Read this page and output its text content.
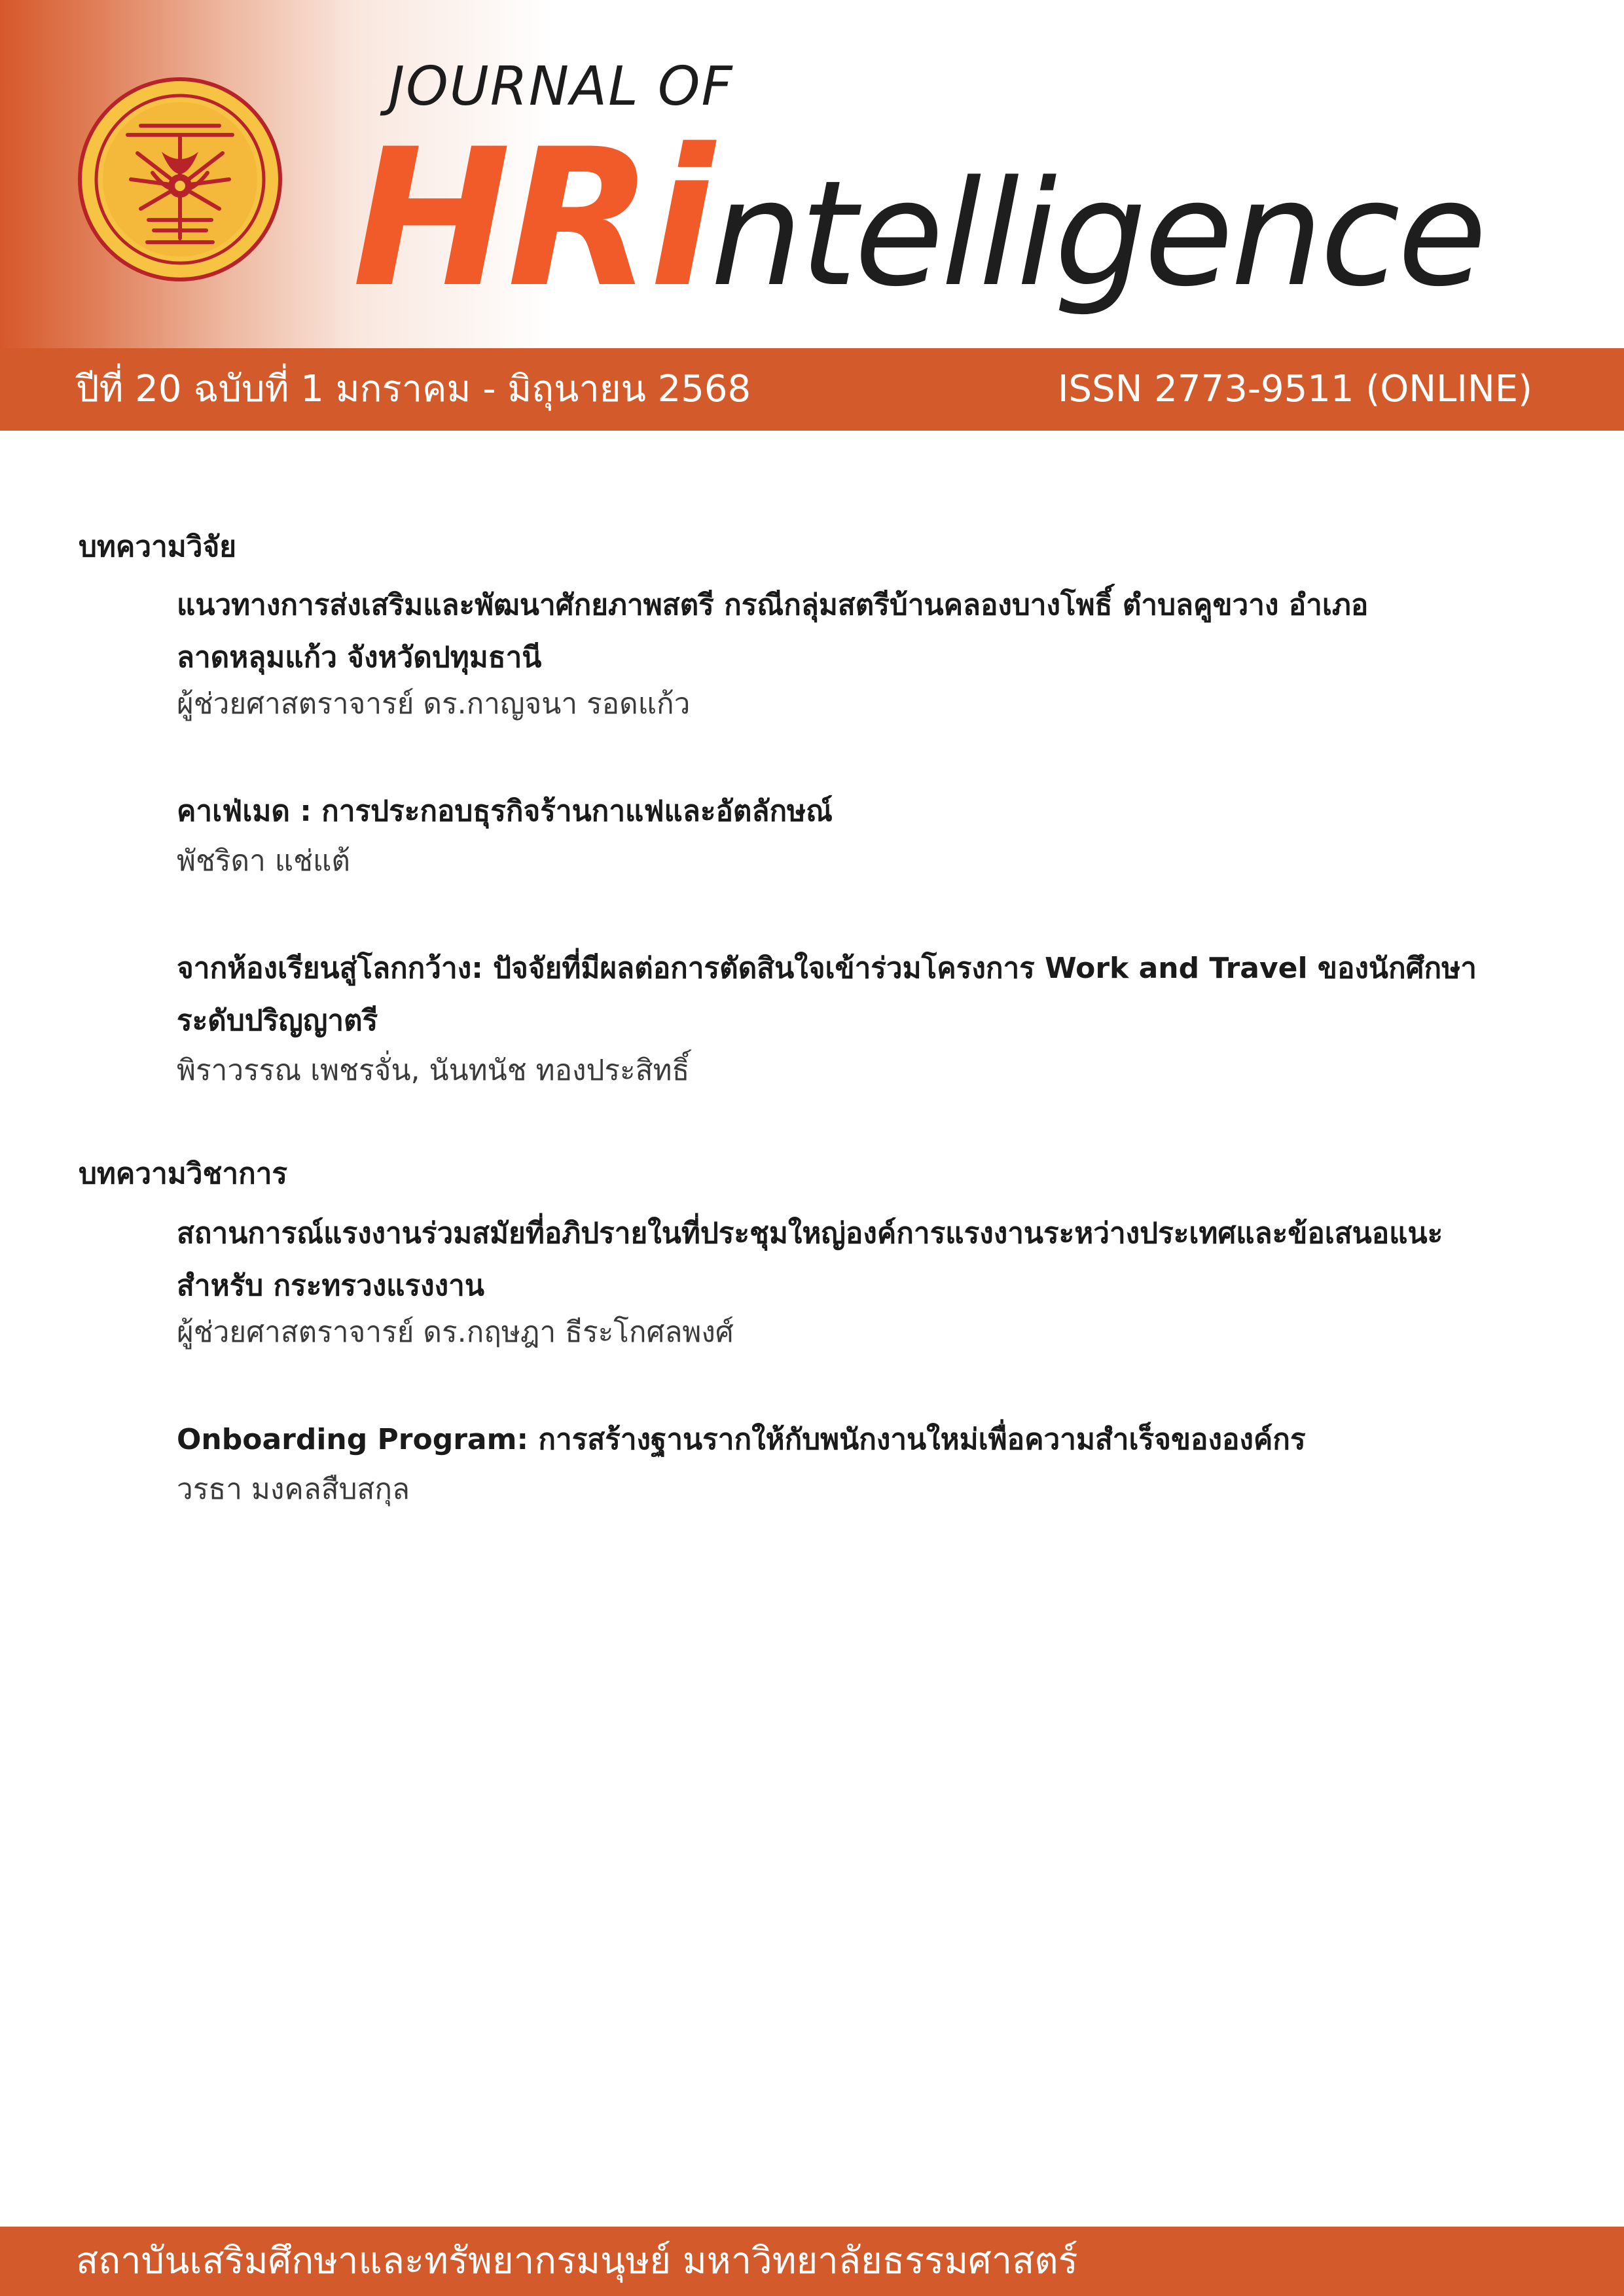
JOURNAL OF
HRintelligence
ปีที่ 20 ฉบับที่ 1 มกราคม - มิถุนายน 2568	ISSN 2773-9511 (ONLINE)
บทความวิจัย
แนวทางการส่งเสริมและพัฒนาศักยภาพสตรี กรณีกลุ่มสตรีบ้านคลองบางโพธิ์ ตำบลคูขวาง อำเภอลาดหลุมแก้ว จังหวัดปทุมธานี
ผู้ช่วยศาสตราจารย์ ดร.กาญจนา รอดแก้ว
คาเฟ่เมด : การประกอบธุรกิจร้านกาแฟและอัตลักษณ์
พัชริดา แช่แต้
จากห้องเรียนสู่โลกกว้าง: ปัจจัยที่มีผลต่อการตัดสินใจเข้าร่วมโครงการ Work and Travel ของนักศึกษา ระดับปริญญาตรี
พิราวรรณ เพชรจั่น, นันทนัช ทองประสิทธิ์
บทความวิชาการ
สถานการณ์แรงงานร่วมสมัยที่อภิปรายในที่ประชุมใหญ่องค์การแรงงานระหว่างประเทศและข้อเสนอแนะสำหรับ กระทรวงแรงงาน
ผู้ช่วยศาสตราจารย์ ดร.กฤษฎา ธีระโกศลพงศ์
Onboarding Program: การสร้างฐานรากให้กับพนักงานใหม่เพื่อความสำเร็จขององค์กร
วรธา มงคลสืบสกุล
สถาบันเสริมศึกษาและทรัพยากรมนุษย์ มหาวิทยาลัยธรรมศาสตร์
